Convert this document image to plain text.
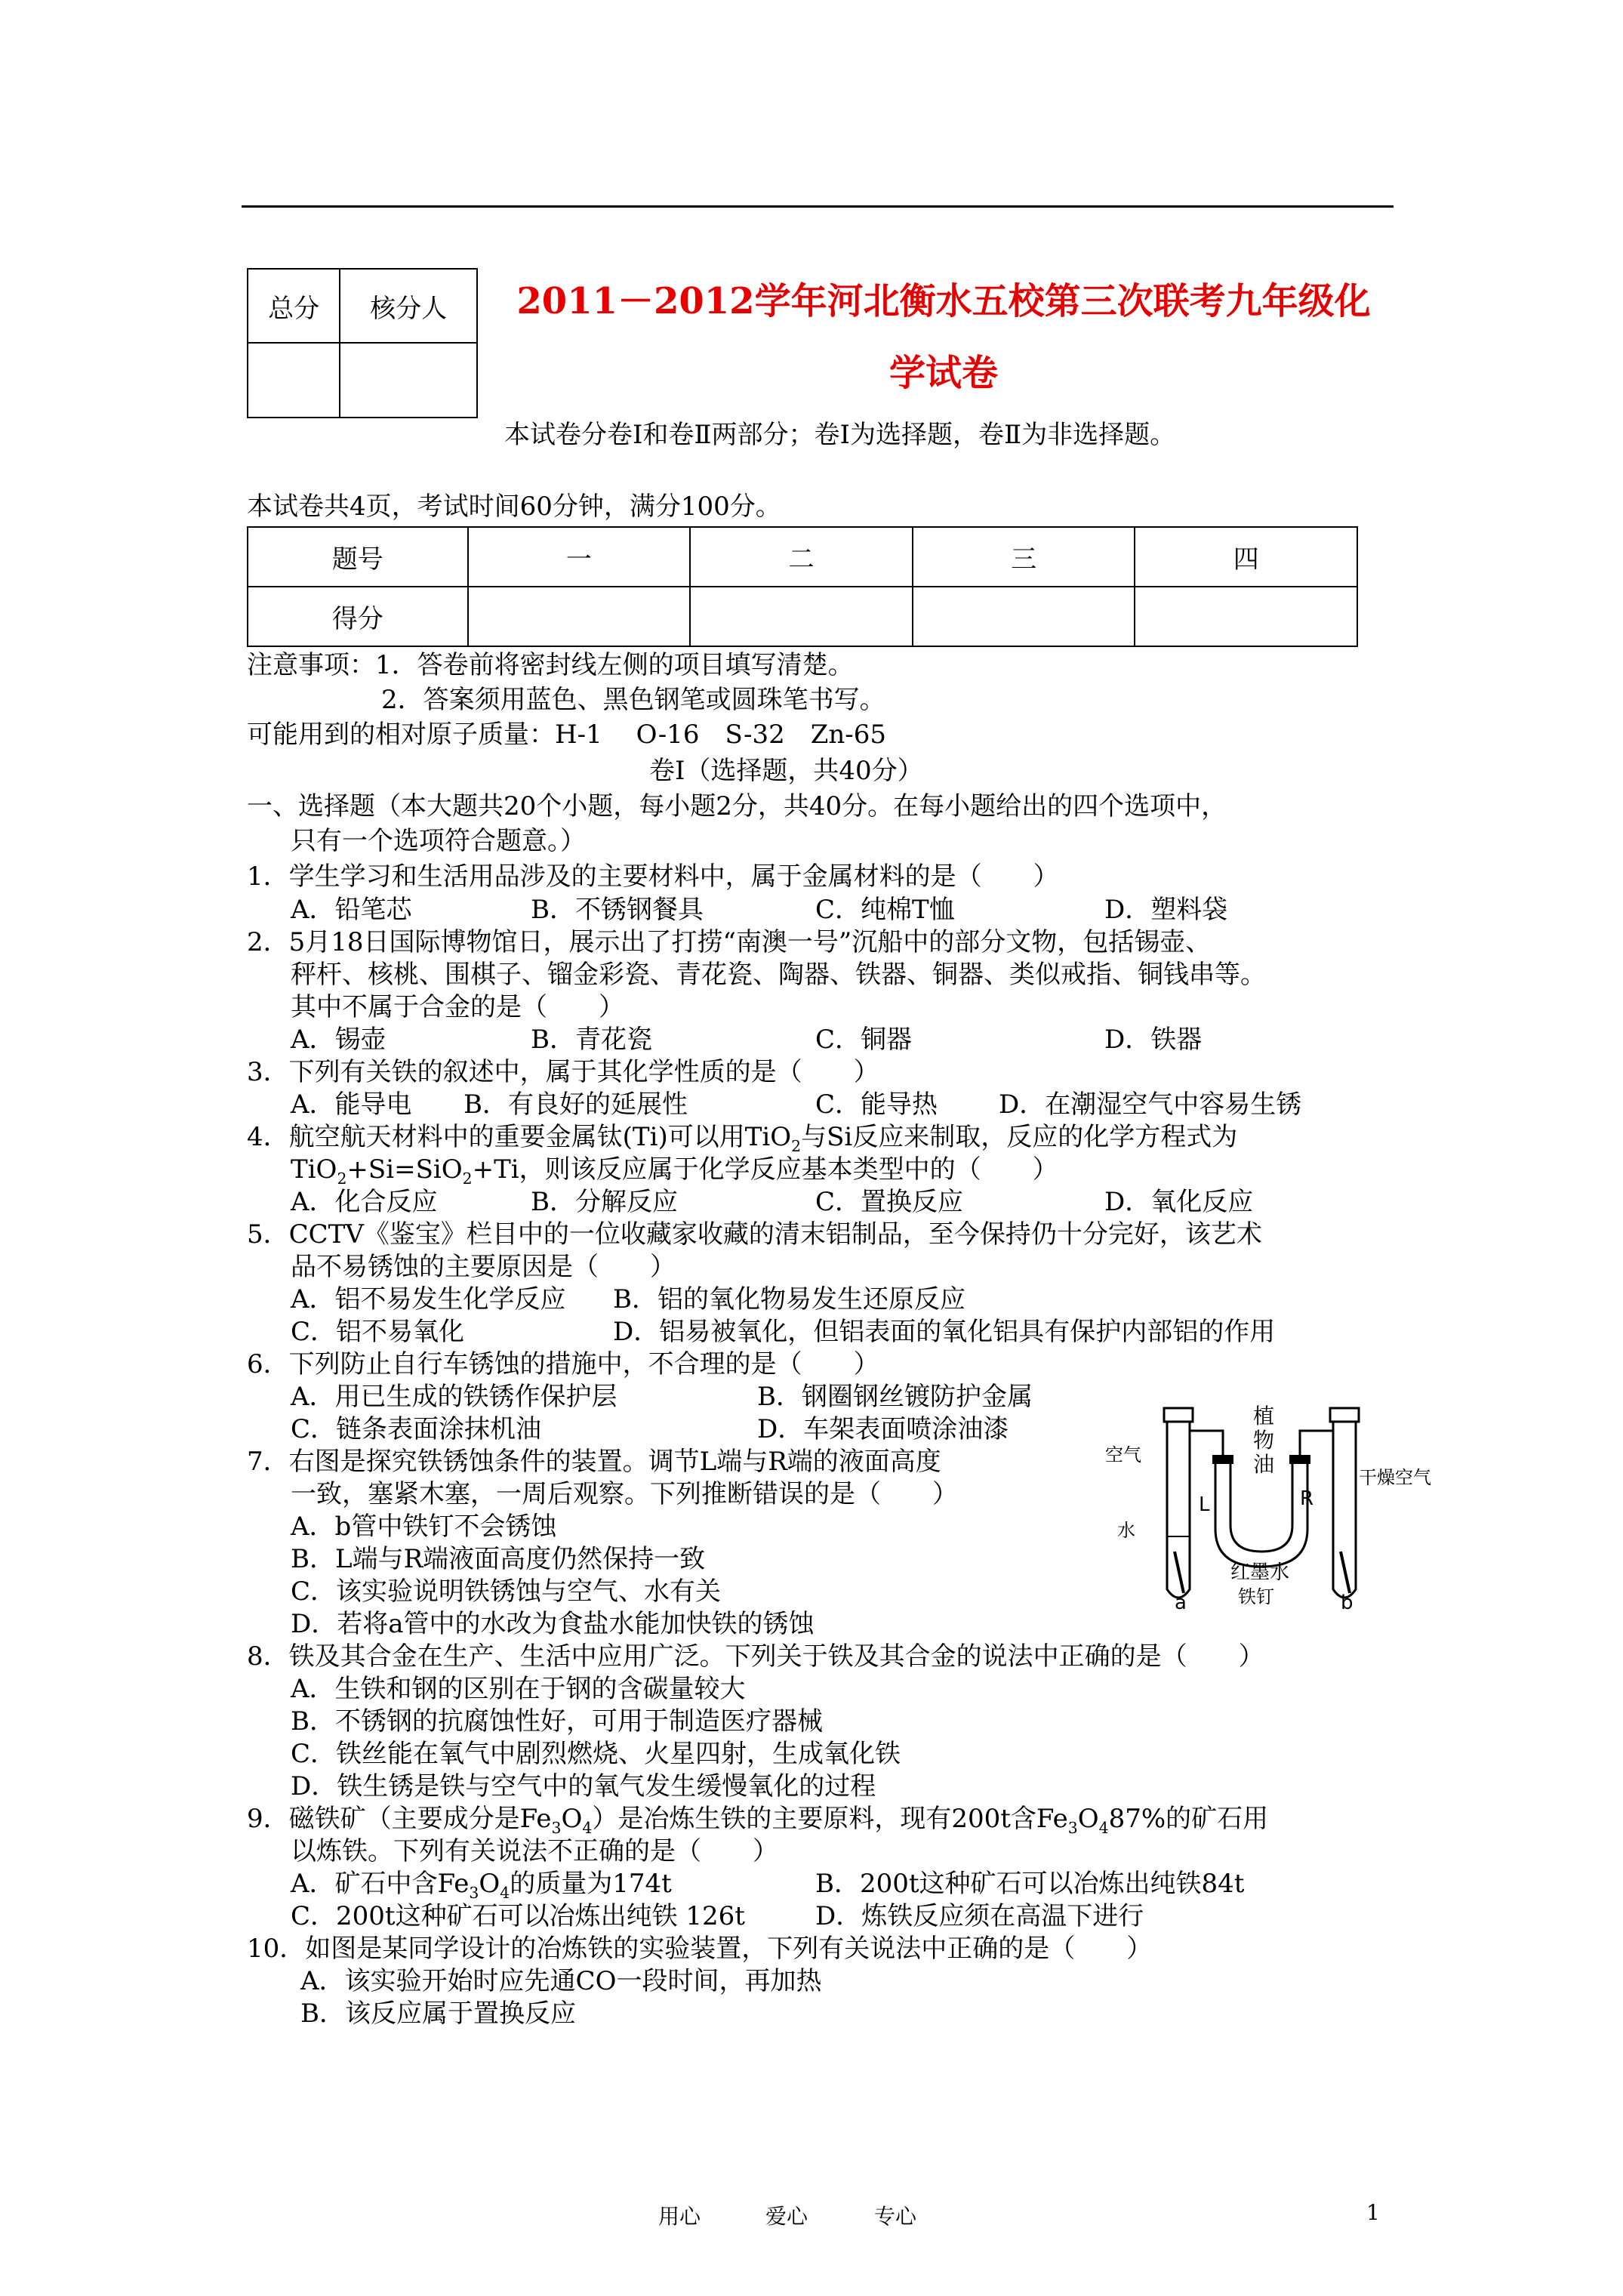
总分	核分人
		2011－2012学年河北衡水五校第三次联考九年级化
学试卷
本试卷分卷Ⅰ和卷Ⅱ两部分；卷Ⅰ为选择题，卷Ⅱ为非选择题。
本试卷共4页，考试时间60分钟，满分100分。
题号	一	二	三	四
得分				
注意事项：1．答卷前将密封线左侧的项目填写清楚。
2．答案须用蓝色、黑色钢笔或圆珠笔书写。
可能用到的相对原子质量：H-1　 O-16　S-32　Zn-65
卷Ⅰ（选择题，共40分）
一、选择题（本大题共20个小题，每小题2分，共40分。在每小题给出的四个选项中，
只有一个选项符合题意。）
1．学生学习和生活用品涉及的主要材料中，属于金属材料的是（　　）
A．铅笔芯	B．不锈钢餐具	C．纯棉T恤	D．塑料袋
2．5月18日国际博物馆日，展示出了打捞“南澳一号”沉船中的部分文物，包括锡壶、
秤杆、核桃、围棋子、镏金彩瓷、青花瓷、陶器、铁器、铜器、类似戒指、铜钱串等。
其中不属于合金的是（　　）
A．锡壶	B．青花瓷	C．铜器	D．铁器
3．下列有关铁的叙述中，属于其化学性质的是（　　）
A．能导电 B．有良好的延展性	C．能导热 D．在潮湿空气中容易生锈
4．航空航天材料中的重要金属钛(Ti)可以用TiO$_2$与Si反应来制取，反应的化学方程式为
TiO$_2$+Si=SiO$_2$+Ti，则该反应属于化学反应基本类型中的（　　）
A．化合反应	B．分解反应	C．置换反应	D．氧化反应
5．CCTV《鉴宝》栏目中的一位收藏家收藏的清末铝制品，至今保持仍十分完好，该艺术
品不易锈蚀的主要原因是（　　）
A．铝不易发生化学反应 B．铝的氧化物易发生还原反应
C．铝不易氧化	D．铝易被氧化，但铝表面的氧化铝具有保护内部铝的作用
6．下列防止自行车锈蚀的措施中，不合理的是（　　）
A．用已生成的铁锈作保护层	B．钢圈钢丝镀防护金属
C．链条表面涂抹机油	D．车架表面喷涂油漆
7．右图是探究铁锈蚀条件的装置。调节L端与R端的液面高度
一致，塞紧木塞，一周后观察。下列推断错误的是（　　）
A．b管中铁钉不会锈蚀
B．L端与R端液面高度仍然保持一致
C．该实验说明铁锈蚀与空气、水有关
D．若将a管中的水改为食盐水能加快铁的锈蚀
植
物
油
空气
干燥空气
水
红墨水
铁钉
L	R
a	b
8．铁及其合金在生产、生活中应用广泛。下列关于铁及其合金的说法中正确的是（　　）
A．生铁和钢的区别在于钢的含碳量较大
B．不锈钢的抗腐蚀性好，可用于制造医疗器械
C．铁丝能在氧气中剧烈燃烧、火星四射，生成氧化铁
D．铁生锈是铁与空气中的氧气发生缓慢氧化的过程
9．磁铁矿（主要成分是$Fe_3O_4$）是冶炼生铁的主要原料，现有200t含$Fe_3O_487\%$的矿石用
以炼铁。下列有关说法不正确的是（　　）
A．矿石中含$Fe_3O_4$的质量为174t	B．200t这种矿石可以冶炼出纯铁84t
C．200t这种矿石可以冶炼出纯铁 126t	D．炼铁反应须在高温下进行
10．如图是某同学设计的冶炼铁的实验装置，下列有关说法中正确的是（　　）
A．该实验开始时应先通CO一段时间，再加热
B．该反应属于置换反应
用心	爱心	专心	1
